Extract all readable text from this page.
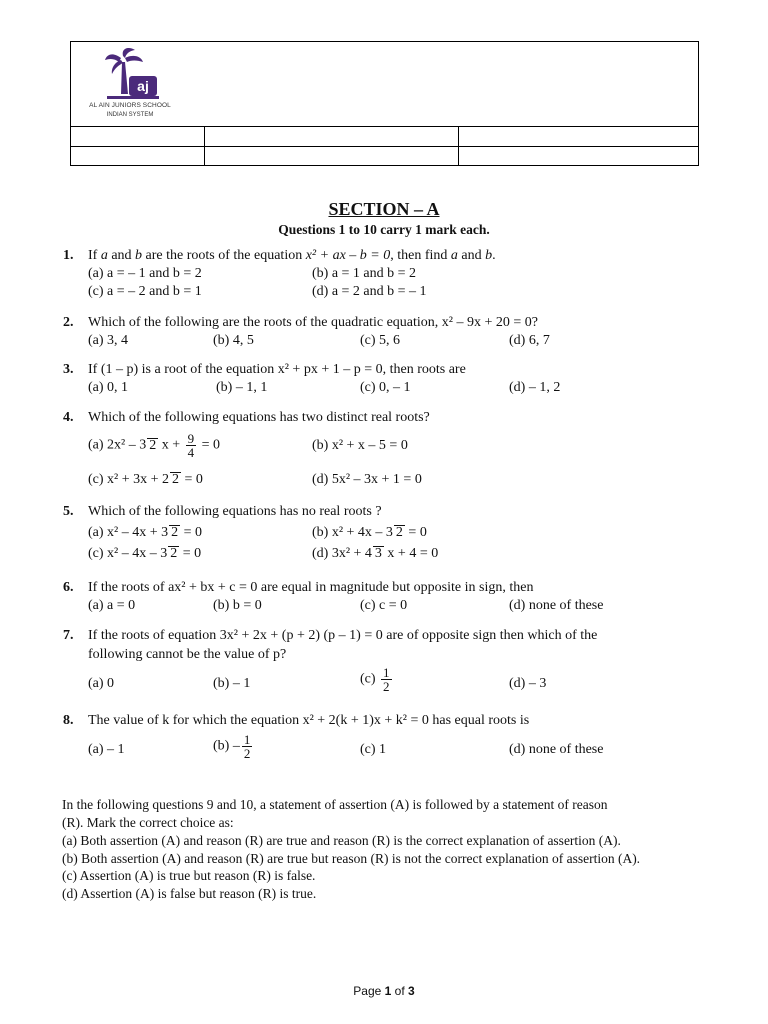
aj
AL AIN JUNIORS SCHOOL
INDIAN SYSTEM
SECTION – A
Questions 1 to 10 carry 1 mark each.
1. If a and b are the roots of the equation x² + ax – b = 0, then find a and b.
(a) a = – 1 and b = 2	(b) a = 1 and b = 2
(c) a = – 2 and b = 1	(d) a = 2 and b = – 1
2. Which of the following are the roots of the quadratic equation, x² – 9x + 20 = 0?
(a) 3, 4	(b) 4, 5	(c) 5, 6	(d) 6, 7
3. If (1 – p) is a root of the equation x² + px + 1 – p = 0, then roots are
(a) 0, 1	(b) – 1, 1	(c) 0, – 1	(d) – 1, 2
4. Which of the following equations has two distinct real roots?
(a) 2x² – 3 2 $x + \frac{9}{4} = 0$	(b) x² + x – 5 = 0
(c) x² + 3x + 2 2 = 0	(d) 5x² – 3x + 1 = 0
5. Which of the following equations has no real roots ?
(a) x² – 4x + 3 2 = 0	(b) x² + 4x – 3 2 = 0
(c) x² – 4x – 3 2 = 0	(d) 3x² + 4 3 x + 4 = 0
6. If the roots of ax² + bx + c = 0 are equal in magnitude but opposite in sign, then
(a) a = 0	(b) b = 0	(c) c = 0	(d) none of these
7. If the roots of equation 3x² + 2x + (p + 2) (p – 1) = 0 are of opposite sign then which of the
following cannot be the value of p?
(a) 0	(b) – 1	$(c) \frac{1}{2}$	(d) – 3
8. The value of k for which the equation x² + 2(k + 1)x + k² = 0 has equal roots is
(a) – 1	$(b) - \frac{1}{2}$	(c) 1	(d) none of these
In the following questions 9 and 10, a statement of assertion (A) is followed by a statement of reason
(R). Mark the correct choice as:
(a) Both assertion (A) and reason (R) are true and reason (R) is the correct explanation of assertion (A).
(b) Both assertion (A) and reason (R) are true but reason (R) is not the correct explanation of assertion (A).
(c) Assertion (A) is true but reason (R) is false.
(d) Assertion (A) is false but reason (R) is true.
Page 1 of 3
